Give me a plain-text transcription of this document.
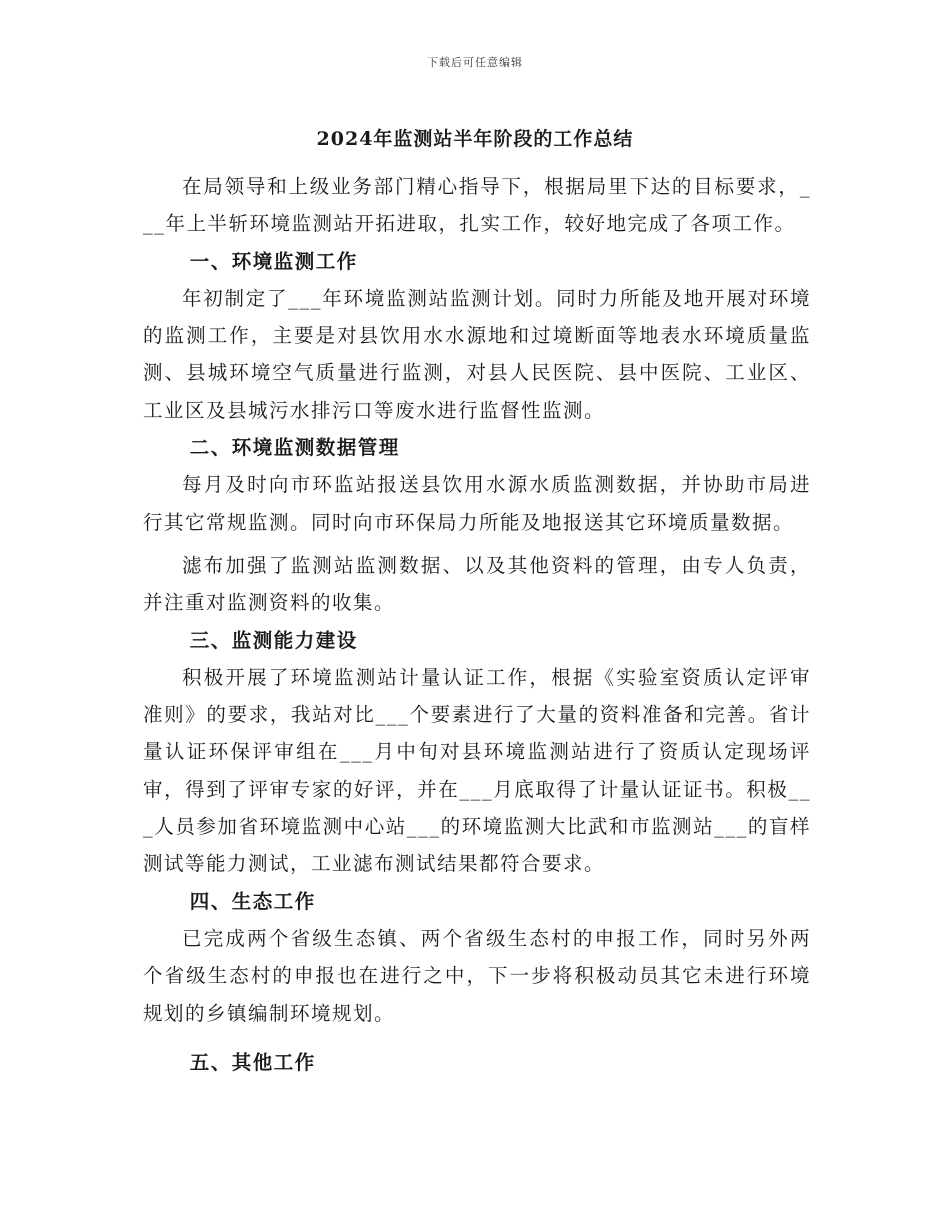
下载后可任意编辑
2024年监测站半年阶段的工作总结

在局领导和上级业务部门精心指导下，根据局里下达的目标要求，___年上半斩环境监测站开拓进取，扎实工作，较好地完成了各项工作。

一、环境监测工作

年初制定了___年环境监测站监测计划。同时力所能及地开展对环境的监测工作，主要是对县饮用水水源地和过境断面等地表水环境质量监测、县城环境空气质量进行监测，对县人民医院、县中医院、工业区、工业区及县城污水排污口等废水进行监督性监测。

二、环境监测数据管理

每月及时向市环监站报送县饮用水源水质监测数据，并协助市局进行其它常规监测。同时向市环保局力所能及地报送其它环境质量数据。

滤布加强了监测站监测数据、以及其他资料的管理，由专人负责，并注重对监测资料的收集。

三、监测能力建设

积极开展了环境监测站计量认证工作，根据《实验室资质认定评审准则》的要求，我站对比___个要素进行了大量的资料准备和完善。省计量认证环保评审组在___月中旬对县环境监测站进行了资质认定现场评审，得到了评审专家的好评，并在___月底取得了计量认证证书。积极___人员参加省环境监测中心站___的环境监测大比武和市监测站___的盲样测试等能力测试，工业滤布测试结果都符合要求。

四、生态工作

已完成两个省级生态镇、两个省级生态村的申报工作，同时另外两个省级生态村的申报也在进行之中，下一步将积极动员其它未进行环境规划的乡镇编制环境规划。

五、其他工作
